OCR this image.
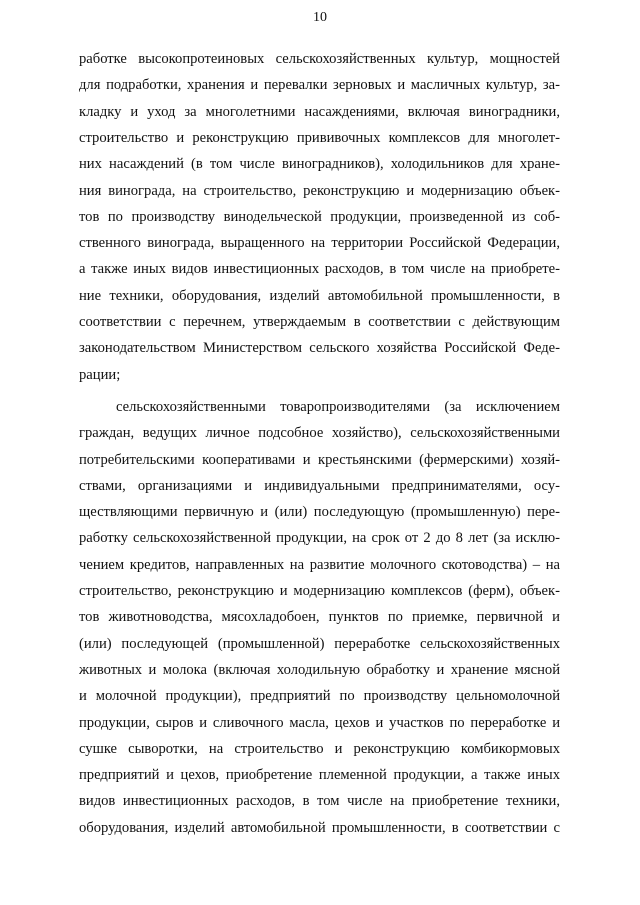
10
работке высокопротеиновых сельскохозяйственных культур, мощностей
для подработки, хранения и перевалки зерновых и масличных культур, за-
кладку и уход за многолетними насаждениями, включая виноградники,
строительство и реконструкцию прививочных комплексов для многолет-
них насаждений (в том числе виноградников), холодильников для хране-
ния винограда, на строительство, реконструкцию и модернизацию объек-
тов по производству винодельческой продукции, произведенной из соб-
ственного винограда, выращенного на территории Российской Федерации,
а также иных видов инвестиционных расходов, в том числе на приобрете-
ние техники, оборудования, изделий автомобильной промышленности, в
соответствии с перечнем, утверждаемым в соответствии с действующим
законодательством Министерством сельского хозяйства Российской Феде-
рации;
сельскохозяйственными товаропроизводителями (за исключением
граждан, ведущих личное подсобное хозяйство), сельскохозяйственными
потребительскими кооперативами и крестьянскими (фермерскими) хозяй-
ствами, организациями и индивидуальными предпринимателями, осу-
ществляющими первичную и (или) последующую (промышленную) пере-
работку сельскохозяйственной продукции, на срок от 2 до 8 лет (за исклю-
чением кредитов, направленных на развитие молочного скотоводства) – на
строительство, реконструкцию и модернизацию комплексов (ферм), объек-
тов животноводства, мясохладобоен, пунктов по приемке, первичной и
(или) последующей (промышленной) переработке сельскохозяйственных
животных и молока (включая холодильную обработку и хранение мясной
и молочной продукции), предприятий по производству цельномолочной
продукции, сыров и сливочного масла, цехов и участков по переработке и
сушке сыворотки, на строительство и реконструкцию комбикормовых
предприятий и цехов, приобретение племенной продукции, а также иных
видов инвестиционных расходов, в том числе на приобретение техники,
оборудования, изделий автомобильной промышленности, в соответствии с
